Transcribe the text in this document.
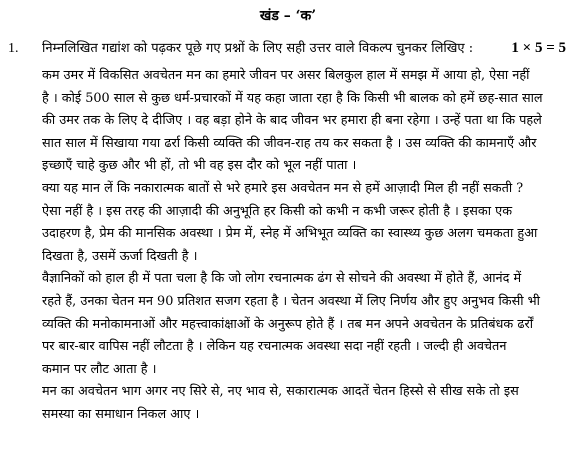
खंड – ‘क’
1. निम्नलिखित गद्यांश को पढ़कर पूछे गए प्रश्नों के लिए सही उत्तर वाले विकल्प चुनकर लिखिए :	1 × 5 = 5
कम उमर में विकसित अवचेतन मन का हमारे जीवन पर असर बिलकुल हाल में समझ में आया हो, ऐसा नहीं
है । कोई 500 साल से कुछ धर्म-प्रचारकों में यह कहा जाता रहा है कि किसी भी बालक को हमें छह-सात साल
की उमर तक के लिए दे दीजिए । वह बड़ा होने के बाद जीवन भर हमारा ही बना रहेगा । उन्हें पता था कि पहले
सात साल में सिखाया गया ढर्रा किसी व्यक्ति की जीवन-राह तय कर सकता है । उस व्यक्ति की कामनाएँ और
इच्छाएँ चाहे कुछ और भी हों, तो भी वह इस दौर को भूल नहीं पाता ।
क्या यह मान लें कि नकारात्मक बातों से भरे हमारे इस अवचेतन मन से हमें आज़ादी मिल ही नहीं सकती ?
ऐसा नहीं है । इस तरह की आज़ादी की अनुभूति हर किसी को कभी न कभी जरूर होती है । इसका एक
उदाहरण है, प्रेम की मानसिक अवस्था । प्रेम में, स्नेह में अभिभूत व्यक्ति का स्वास्थ्य कुछ अलग चमकता हुआ
दिखता है, उसमें ऊर्जा दिखती है ।
वैज्ञानिकों को हाल ही में पता चला है कि जो लोग रचनात्मक ढंग से सोचने की अवस्था में होते हैं, आनंद में
रहते हैं, उनका चेतन मन 90 प्रतिशत सजग रहता है । चेतन अवस्था में लिए निर्णय और हुए अनुभव किसी भी
व्यक्ति की मनोकामनाओं और महत्त्वाकांक्षाओं के अनुरूप होते हैं । तब मन अपने अवचेतन के प्रतिबंधक ढर्रों
पर बार-बार वापिस नहीं लौटता है । लेकिन यह रचनात्मक अवस्था सदा नहीं रहती । जल्दी ही अवचेतन
कमान पर लौट आता है ।
मन का अवचेतन भाग अगर नए सिरे से, नए भाव से, सकारात्मक आदतें चेतन हिस्से से सीख सके तो इस
समस्या का समाधान निकल आए ।
